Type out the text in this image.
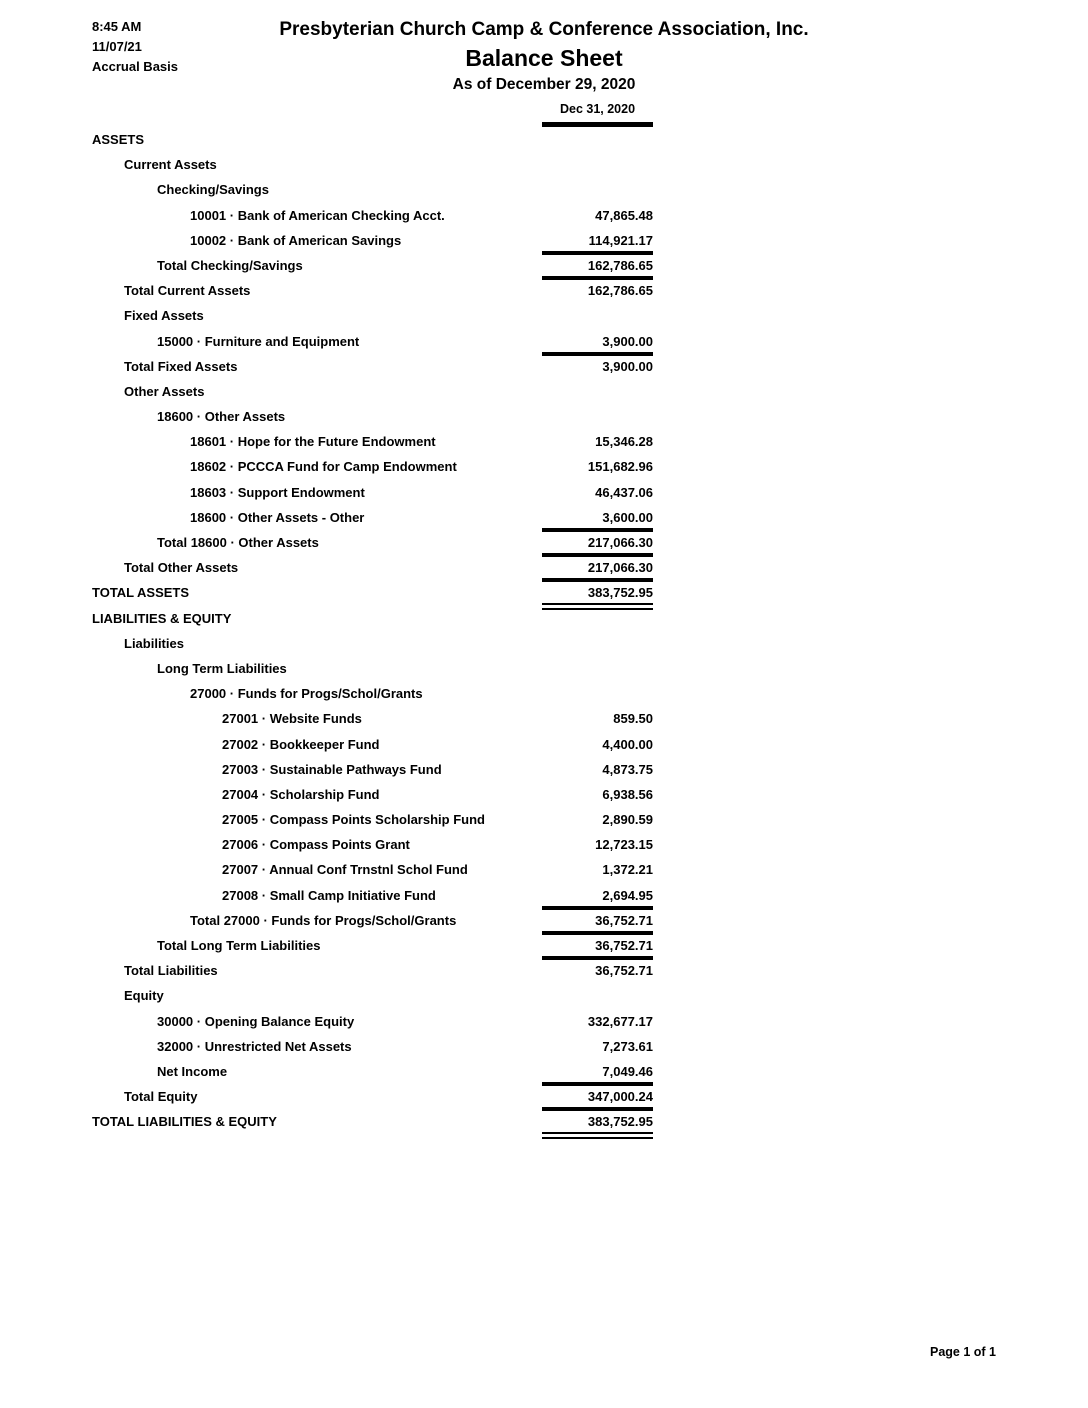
8:45 AM
11/07/21
Accrual Basis
Presbyterian Church Camp & Conference Association, Inc.
Balance Sheet
As of December 29, 2020
Dec 31, 2020
ASSETS
Current Assets
Checking/Savings
10001 · Bank of American Checking Acct.	47,865.48
10002 · Bank of American Savings	114,921.17
Total Checking/Savings	162,786.65
Total Current Assets	162,786.65
Fixed Assets
15000 · Furniture and Equipment	3,900.00
Total Fixed Assets	3,900.00
Other Assets
18600 · Other Assets
18601 · Hope for the Future Endowment	15,346.28
18602 · PCCCA Fund for Camp Endowment	151,682.96
18603 · Support Endowment	46,437.06
18600 · Other Assets - Other	3,600.00
Total 18600 · Other Assets	217,066.30
Total Other Assets	217,066.30
TOTAL ASSETS	383,752.95
LIABILITIES & EQUITY
Liabilities
Long Term Liabilities
27000 · Funds for Progs/Schol/Grants
27001 · Website Funds	859.50
27002 · Bookkeeper Fund	4,400.00
27003 · Sustainable Pathways Fund	4,873.75
27004 · Scholarship Fund	6,938.56
27005 · Compass Points Scholarship Fund	2,890.59
27006 · Compass Points Grant	12,723.15
27007 · Annual Conf Trnstnl Schol Fund	1,372.21
27008 · Small Camp Initiative Fund	2,694.95
Total 27000 · Funds for Progs/Schol/Grants	36,752.71
Total Long Term Liabilities	36,752.71
Total Liabilities	36,752.71
Equity
30000 · Opening Balance Equity	332,677.17
32000 · Unrestricted Net Assets	7,273.61
Net Income	7,049.46
Total Equity	347,000.24
TOTAL LIABILITIES & EQUITY	383,752.95
Page 1 of 1
